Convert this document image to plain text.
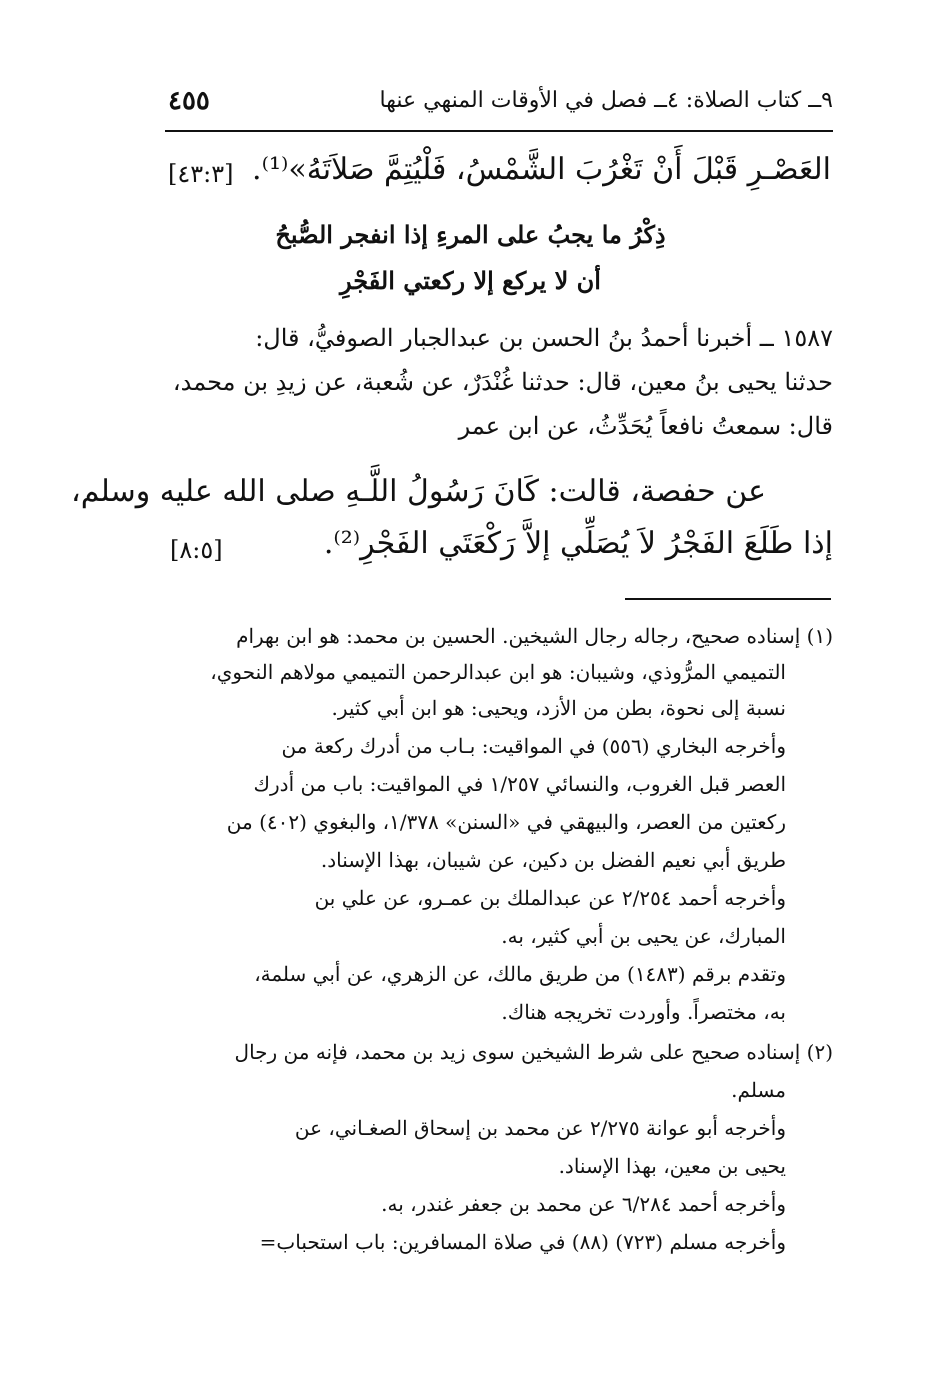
٩ــ كتاب الصلاة: ٤ــ فصل في الأوقات المنهي عنها
٤٥٥
العَصْـرِ قَبْلَ أَنْ تَغْرُبَ الشَّمْسُ، فَلْيُتِمَّ صَلاَتَهُ»⁽¹⁾.
[٤٣:٣]
ذِكْرُ ما يجبُ على المرءِ إذا انفجر الصُّبحُ
أن لا يركع إلا ركعتي الفَجْرِ
١٥٨٧ ــ أخبرنا أحمدُ بنُ الحسن بن عبدالجبار الصوفيُّ، قال:
حدثنا يحيى بنُ معين، قال: حدثنا غُنْدَرٌ، عن شُعبة، عن زيدِ بن محمد،
قال: سمعتُ نافعاً يُحَدِّثُ، عن ابن عمر
عن حفصة، قالت: كَانَ رَسُولُ اللَّـهِ صلى الله عليه وسلم،
إذا طَلَعَ الفَجْرُ لاَ يُصَلِّي إلاَّ رَكْعَتَي الفَجْرِ⁽²⁾.
[٨:٥]
(١) إسناده صحيح، رجاله رجال الشيخين. الحسين بن محمد: هو ابن بهرام
التميمي المرُّوذي، وشيبان: هو ابن عبدالرحمن التميمي مولاهم النحوي،
نسبة إلى نحوة، بطن من الأزد، ويحيى: هو ابن أبي كثير.
وأخرجه البخاري (٥٥٦) في المواقيت: بـاب من أدرك ركعة من
العصر قبل الغروب، والنسائي ١/٢٥٧ في المواقيت: باب من أدرك
ركعتين من العصر، والبيهقي في «السنن» ١/٣٧٨، والبغوي (٤٠٢) من
طريق أبي نعيم الفضل بن دكين، عن شيبان، بهذا الإسناد.
وأخرجه أحمد ٢/٢٥٤ عن عبدالملك بن عمـرو، عن علي بن
المبارك، عن يحيى بن أبي كثير، به.
وتقدم برقم (١٤٨٣) من طريق مالك، عن الزهري، عن أبي سلمة،
به، مختصراً. وأوردت تخريجه هناك.
(٢) إسناده صحيح على شرط الشيخين سوى زيد بن محمد، فإنه من رجال
مسلم.
وأخرجه أبو عوانة ٢/٢٧٥ عن محمد بن إسحاق الصغـاني، عن
يحيى بن معين، بهذا الإسناد.
وأخرجه أحمد ٦/٢٨٤ عن محمد بن جعفر غندر، به.
وأخرجه مسلم (٧٢٣) (٨٨) في صلاة المسافرين: باب استحباب=
